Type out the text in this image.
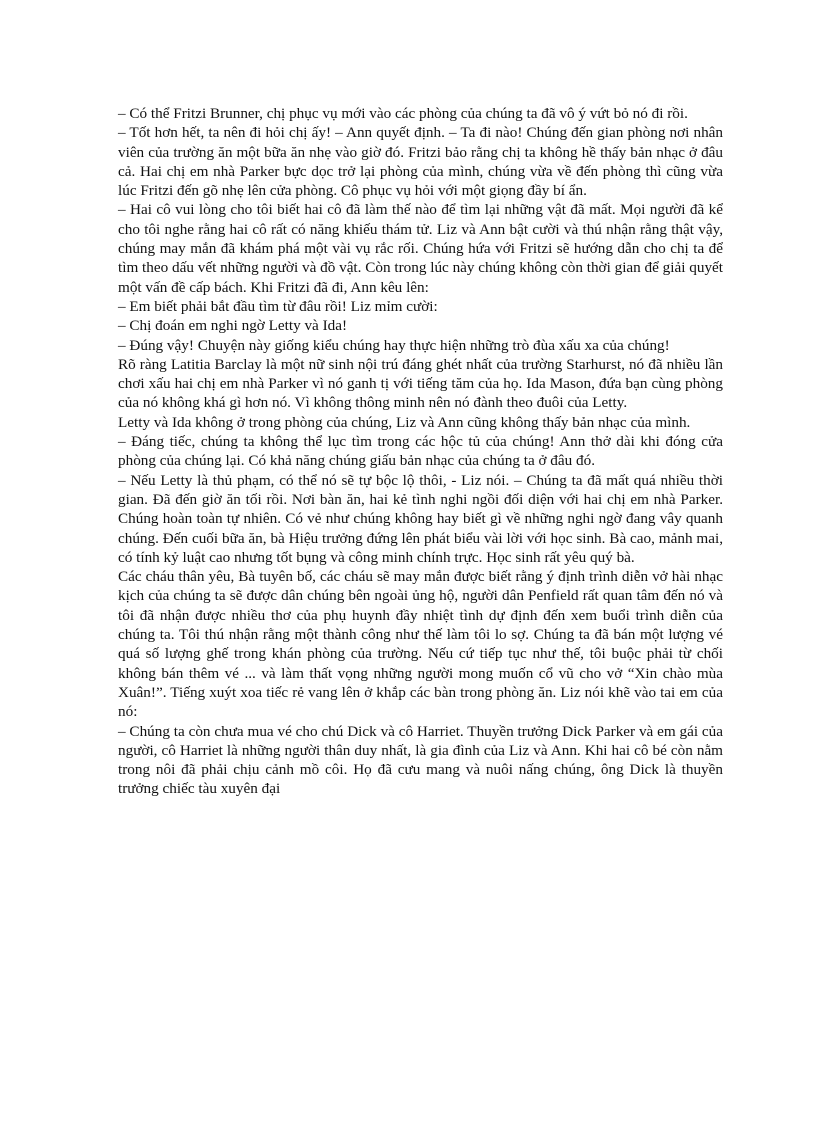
– Có thể Fritzi Brunner, chị phục vụ mới vào các phòng của chúng ta đã vô ý vứt bỏ nó đi rồi.

– Tốt hơn hết, ta nên đi hỏi chị ấy! – Ann quyết định. – Ta đi nào! Chúng đến gian phòng nơi nhân viên của trường ăn một bữa ăn nhẹ vào giờ đó. Fritzi bảo rằng chị ta không hề thấy bản nhạc ở đâu cả. Hai chị em nhà Parker bực dọc trở lại phòng của mình, chúng vừa về đến phòng thì cũng vừa lúc Fritzi đến gõ nhẹ lên cửa phòng. Cô phục vụ hỏi với một giọng đầy bí ẩn.

– Hai cô vui lòng cho tôi biết hai cô đã làm thế nào để tìm lại những vật đã mất. Mọi người đã kể cho tôi nghe rằng hai cô rất có năng khiếu thám tử. Liz và Ann bật cười và thú nhận rằng thật vậy, chúng may mắn đã khám phá một vài vụ rắc rối. Chúng hứa với Fritzi sẽ hướng dẫn cho chị ta để tìm theo dấu vết những người và đồ vật. Còn trong lúc này chúng không còn thời gian để giải quyết một vấn đề cấp bách. Khi Fritzi đã đi, Ann kêu lên:

– Em biết phải bắt đầu tìm từ đâu rồi! Liz mỉm cười:

– Chị đoán em nghi ngờ Letty và Ida!

– Đúng vậy! Chuyện này giống kiểu chúng hay thực hiện những trò đùa xấu xa của chúng!

Rõ ràng Latitia Barclay là một nữ sinh nội trú đáng ghét nhất của trường Starhurst, nó đã nhiều lần chơi xấu hai chị em nhà Parker vì nó ganh tị với tiếng tăm của họ. Ida Mason, đứa bạn cùng phòng của nó không khá gì hơn nó. Vì không thông minh nên nó đành theo đuôi của Letty.

Letty và Ida không ở trong phòng của chúng, Liz và Ann cũng không thấy bản nhạc của mình.

– Đáng tiếc, chúng ta không thể lục tìm trong các hộc tủ của chúng! Ann thở dài khi đóng cửa phòng của chúng lại. Có khả năng chúng giấu bản nhạc của chúng ta ở đâu đó.

– Nếu Letty là thủ phạm, có thể nó sẽ tự bộc lộ thôi, - Liz nói. – Chúng ta đã mất quá nhiều thời gian. Đã đến giờ ăn tối rồi. Nơi bàn ăn, hai kẻ tình nghi ngồi đối diện với hai chị em nhà Parker. Chúng hoàn toàn tự nhiên. Có vẻ như chúng không hay biết gì về những nghi ngờ đang vây quanh chúng. Đến cuối bữa ăn, bà Hiệu trưởng đứng lên phát biểu vài lời với học sinh. Bà cao, mảnh mai, có tính kỷ luật cao nhưng tốt bụng và công minh chính trực. Học sinh rất yêu quý bà.

Các cháu thân yêu, Bà tuyên bố, các cháu sẽ may mắn được biết rằng ý định trình diễn vở hài nhạc kịch của chúng ta sẽ được dân chúng bên ngoài ủng hộ, người dân Penfield rất quan tâm đến nó và tôi đã nhận được nhiều thơ của phụ huynh đầy nhiệt tình dự định đến xem buổi trình diễn của chúng ta. Tôi thú nhận rằng một thành công như thế làm tôi lo sợ. Chúng ta đã bán một lượng vé quá số lượng ghế trong khán phòng của trường. Nếu cứ tiếp tục như thế, tôi buộc phải từ chối không bán thêm vé ... và làm thất vọng những người mong muốn cổ vũ cho vở “Xin chào mùa Xuân!”. Tiếng xuýt xoa tiếc rẻ vang lên ở khắp các bàn trong phòng ăn. Liz nói khẽ vào tai em của nó:

– Chúng ta còn chưa mua vé cho chú Dick và cô Harriet. Thuyền trưởng Dick Parker và em gái của người, cô Harriet là những người thân duy nhất, là gia đình của Liz và Ann. Khi hai cô bé còn nằm trong nôi đã phải chịu cảnh mồ côi. Họ đã cưu mang và nuôi nấng chúng, ông Dick là thuyền trưởng chiếc tàu xuyên đại
